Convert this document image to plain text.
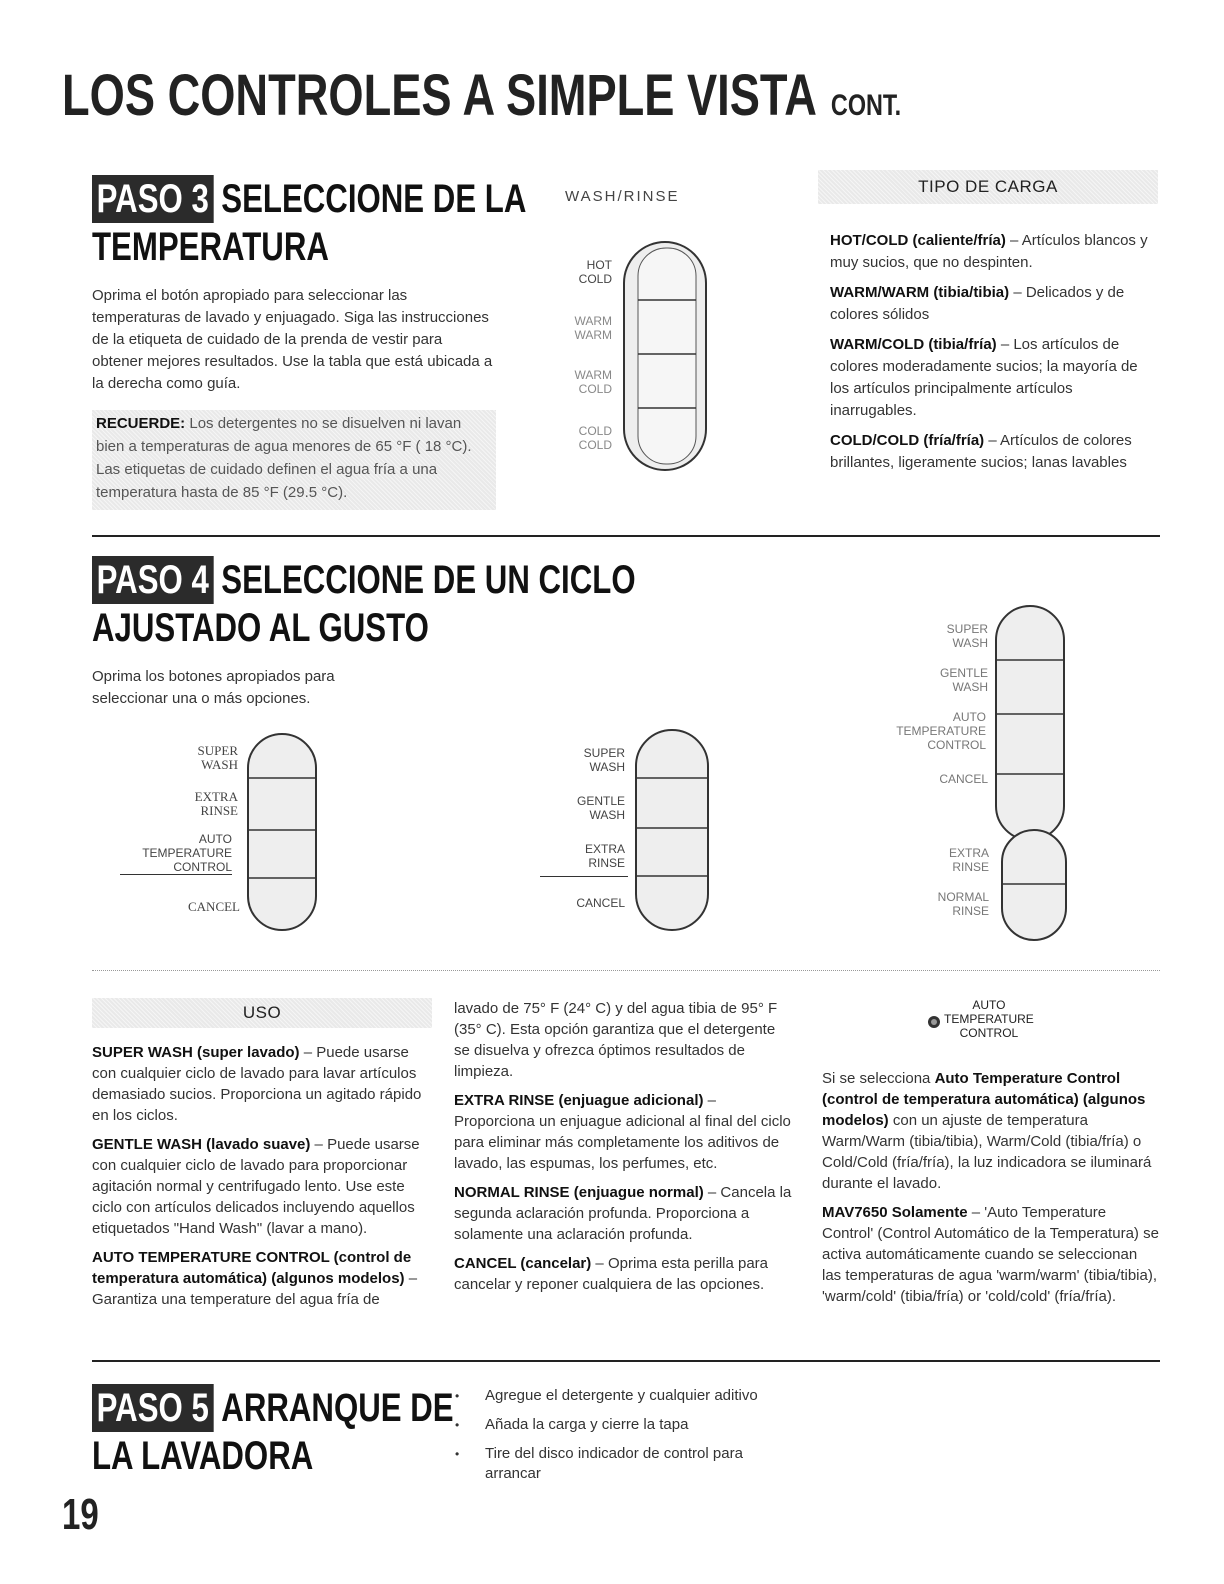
LOS CONTROLES A SIMPLE VISTA CONT.
PASO 3 SELECCIONE DE LA
TEMPERATURA
Oprima el botón apropiado para seleccionar las temperaturas de lavado y enjuagado. Siga las instrucciones de la etiqueta de cuidado de la prenda de vestir para obtener mejores resultados. Use la tabla que está ubicada a la derecha como guía.
RECUERDE: Los detergentes no se disuelven ni lavan bien a temperaturas de agua menores de 65 °F ( 18 °C). Las etiquetas de cuidado definen el agua fría a una temperatura hasta de 85 °F (29.5 °C).
WASH/RINSE
HOT
COLD
WARM
WARM
WARM
COLD
COLD
COLD
TIPO DE CARGA

HOT/COLD (caliente/fría) – Artículos blancos y muy sucios, que no despinten.

WARM/WARM (tibia/tibia) – Delicados y de colores sólidos

WARM/COLD (tibia/fría) – Los artículos de colores moderadamente sucios; la mayoría de los artículos principalmente artículos inarrugables.

COLD/COLD (fría/fría) – Artículos de colores brillantes, ligeramente sucios; lanas lavables

PASO 4 SELECCIONE DE UN CICLO
AJUSTADO AL GUSTO
Oprima los botones apropiados para seleccionar una o más opciones.
SUPER
WASH
EXTRA
RINSE
AUTO
TEMPERATURE
CONTROL
CANCEL
SUPER
WASH
GENTLE
WASH
EXTRA
RINSE
CANCEL
SUPER
WASH
GENTLE
WASH
AUTO
TEMPERATURE
CONTROL
CANCEL
EXTRA
RINSE
NORMAL
RINSE
USO

SUPER WASH (super lavado) – Puede usarse con cualquier ciclo de lavado para lavar artículos demasiado sucios. Proporciona un agitado rápido en los ciclos.

GENTLE WASH (lavado suave) – Puede usarse con cualquier ciclo de lavado para proporcionar agitación normal y centrifugado lento. Use este ciclo con artículos delicados incluyendo aquellos etiquetados "Hand Wash" (lavar a mano).

AUTO TEMPERATURE CONTROL (control de temperatura automática) (algunos modelos) – Garantiza una temperature del agua fría de

lavado de 75° F (24° C) y del agua tibia de 95° F (35° C). Esta opción garantiza que el detergente se disuelva y ofrezca óptimos resultados de limpieza.

EXTRA RINSE (enjuague adicional) – Proporciona un enjuague adicional al final del ciclo para eliminar más completamente los aditivos de lavado, las espumas, los perfumes, etc.

NORMAL RINSE (enjuague normal) – Cancela la segunda aclaración profunda. Proporciona a solamente una aclaración profunda.

CANCEL (cancelar) – Oprima esta perilla para cancelar y reponer cualquiera de las opciones.

AUTO
TEMPERATURE
CONTROL

Si se selecciona Auto Temperature Control (control de temperatura automática) (algunos modelos) con un ajuste de temperatura Warm/Warm (tibia/tibia), Warm/Cold (tibia/fría) o Cold/Cold (fría/fría), la luz indicadora se iluminará durante el lavado.

MAV7650 Solamente – 'Auto Temperature Control' (Control Automático de la Temperatura) se activa automáticamente cuando se seleccionan las temperaturas de agua 'warm/warm' (tibia/tibia), 'warm/cold' (tibia/fría) or 'cold/cold' (fría/fría).

PASO 5 ARRANQUE DE
LA LAVADORA
• Agregue el detergente y cualquier aditivo
• Añada la carga y cierre la tapa
• Tire del disco indicador de control para arrancar
19
